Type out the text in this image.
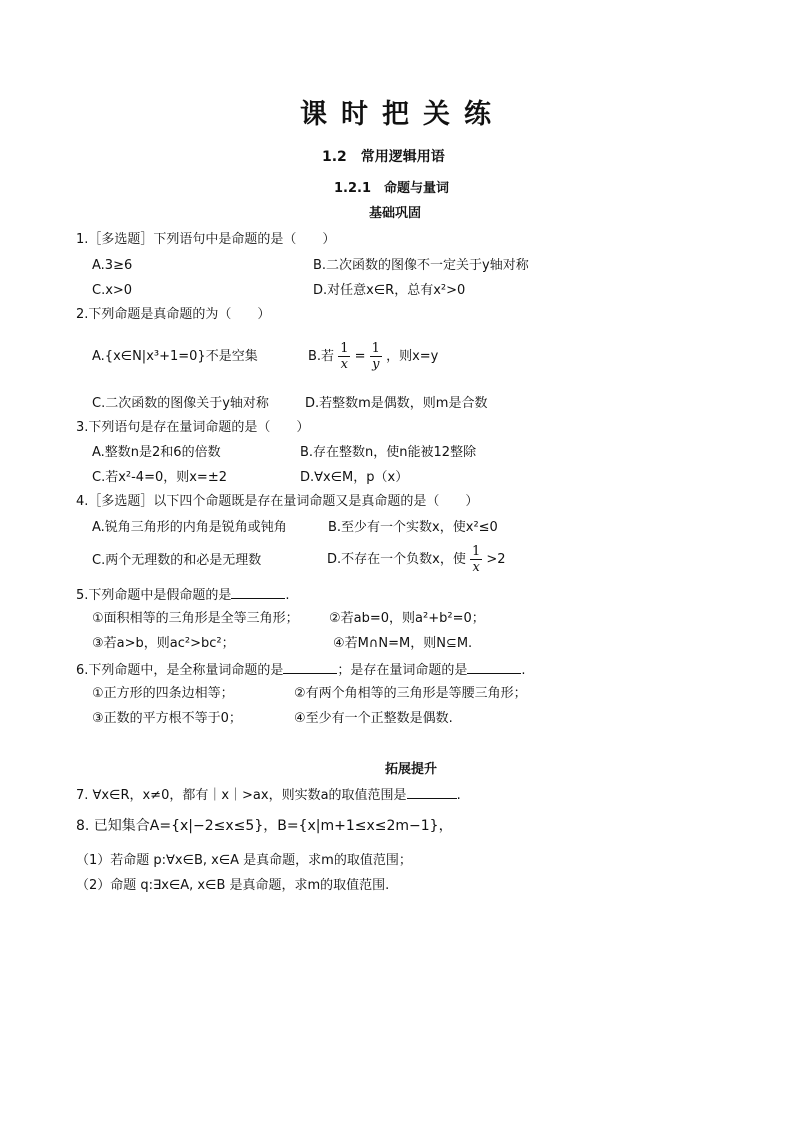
课时把关练
1.2　常用逻辑用语
1.2.1　命题与量词
基础巩固
1.［多选题］下列语句中是命题的是（　　）
A.3≥6	B.二次函数的图像不一定关于y轴对称
C.x>0	D.对任意x∈R，总有x²>0
2.下列命题是真命题的为（　　）
A.{x∈N|x³+1=0}不是空集	B.若 $\frac{1}{x} = \frac{1}{y}$ ，则x=y
C.二次函数的图像关于y轴对称	D.若整数m是偶数，则m是合数
3.下列语句是存在量词命题的是（　　）
A.整数n是2和6的倍数	B.存在整数n，使n能被12整除
C.若x²-4=0，则x=±2	D.∀x∈M，p（x）
4.［多选题］以下四个命题既是存在量词命题又是真命题的是（　　）
A.锐角三角形的内角是锐角或钝角	B.至少有一个实数x，使x²≤0
C.两个无理数的和必是无理数	D.不存在一个负数x，使 $\frac{1}{x} >2$
5.下列命题中是假命题的是	.
①面积相等的三角形是全等三角形； ②若ab=0，则a²+b²=0；
③若a>b，则ac²>bc²；	④若M∩N=M，则N⊆M.
6.下列命题中，是全称量词命题的是	；是存在量词命题的是	.
①正方形的四条边相等；	②有两个角相等的三角形是等腰三角形；
③正数的平方根不等于0；	④至少有一个正整数是偶数.
拓展提升
7. ∀x∈R，x≠0，都有｜x｜>ax，则实数a的取值范围是	.
8. 已知集合A={x|−2≤x≤5}，B={x|m+1≤x≤2m−1}，
（1）若命题 p:∀x∈B, x∈A 是真命题，求m的取值范围；
（2）命题 q:∃x∈A, x∈B 是真命题，求m的取值范围.
